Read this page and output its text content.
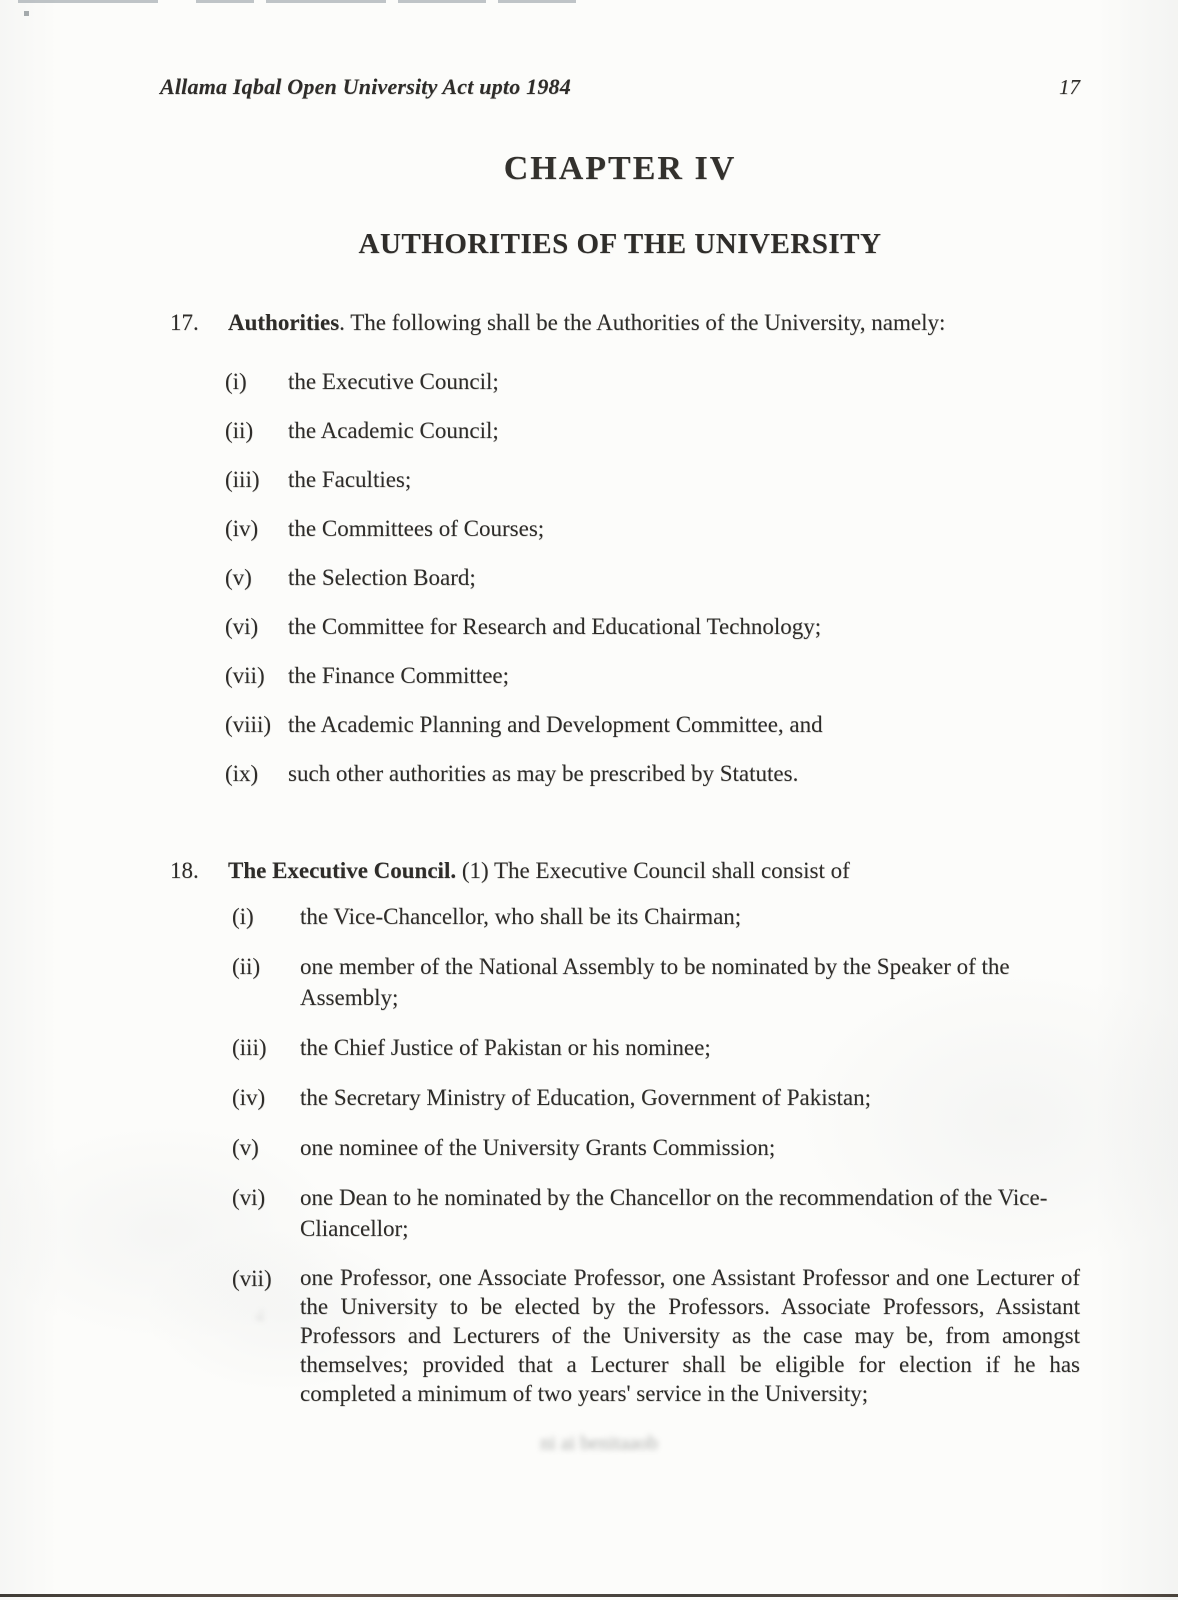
Allama Iqbal Open University Act upto 1984	17
CHAPTER IV
AUTHORITIES OF THE UNIVERSITY
17.	Authorities. The following shall be the Authorities of the University, namely:

(i)	the Executive Council;
(ii)	the Academic Council;
(iii)	the Faculties;
(iv)	the Committees of Courses;
(v)	the Selection Board;
(vi)	the Committee for Research and Educational Technology;
(vii)	the Finance Committee;
(viii) the Academic Planning and Development Committee, and
(ix)	such other authorities as may be prescribed by Statutes.
18.	The Executive Council. (1) The Executive Council shall consist of

(i)	the Vice-Chancellor, who shall be its Chairman;
(ii)	one member of the National Assembly to be nominated by the Speaker of the Assembly;
(iii)	the Chief Justice of Pakistan or his nominee;
(iv)	the Secretary Ministry of Education, Government of Pakistan;
(v)	one nominee of the University Grants Commission;
(vi)	one Dean to he nominated by the Chancellor on the recommendation of the Vice-Cliancellor;
(vii)	one Professor, one Associate Professor, one Assistant Professor and one Lecturer of the University to be elected by the Professors. Associate Professors, Assistant Professors and Lecturers of the University as the case may be, from amongst themselves; provided that a Lecturer shall be eligible for election if he has completed a minimum of two years' service in the University;
ni ai benitaaob
.;
